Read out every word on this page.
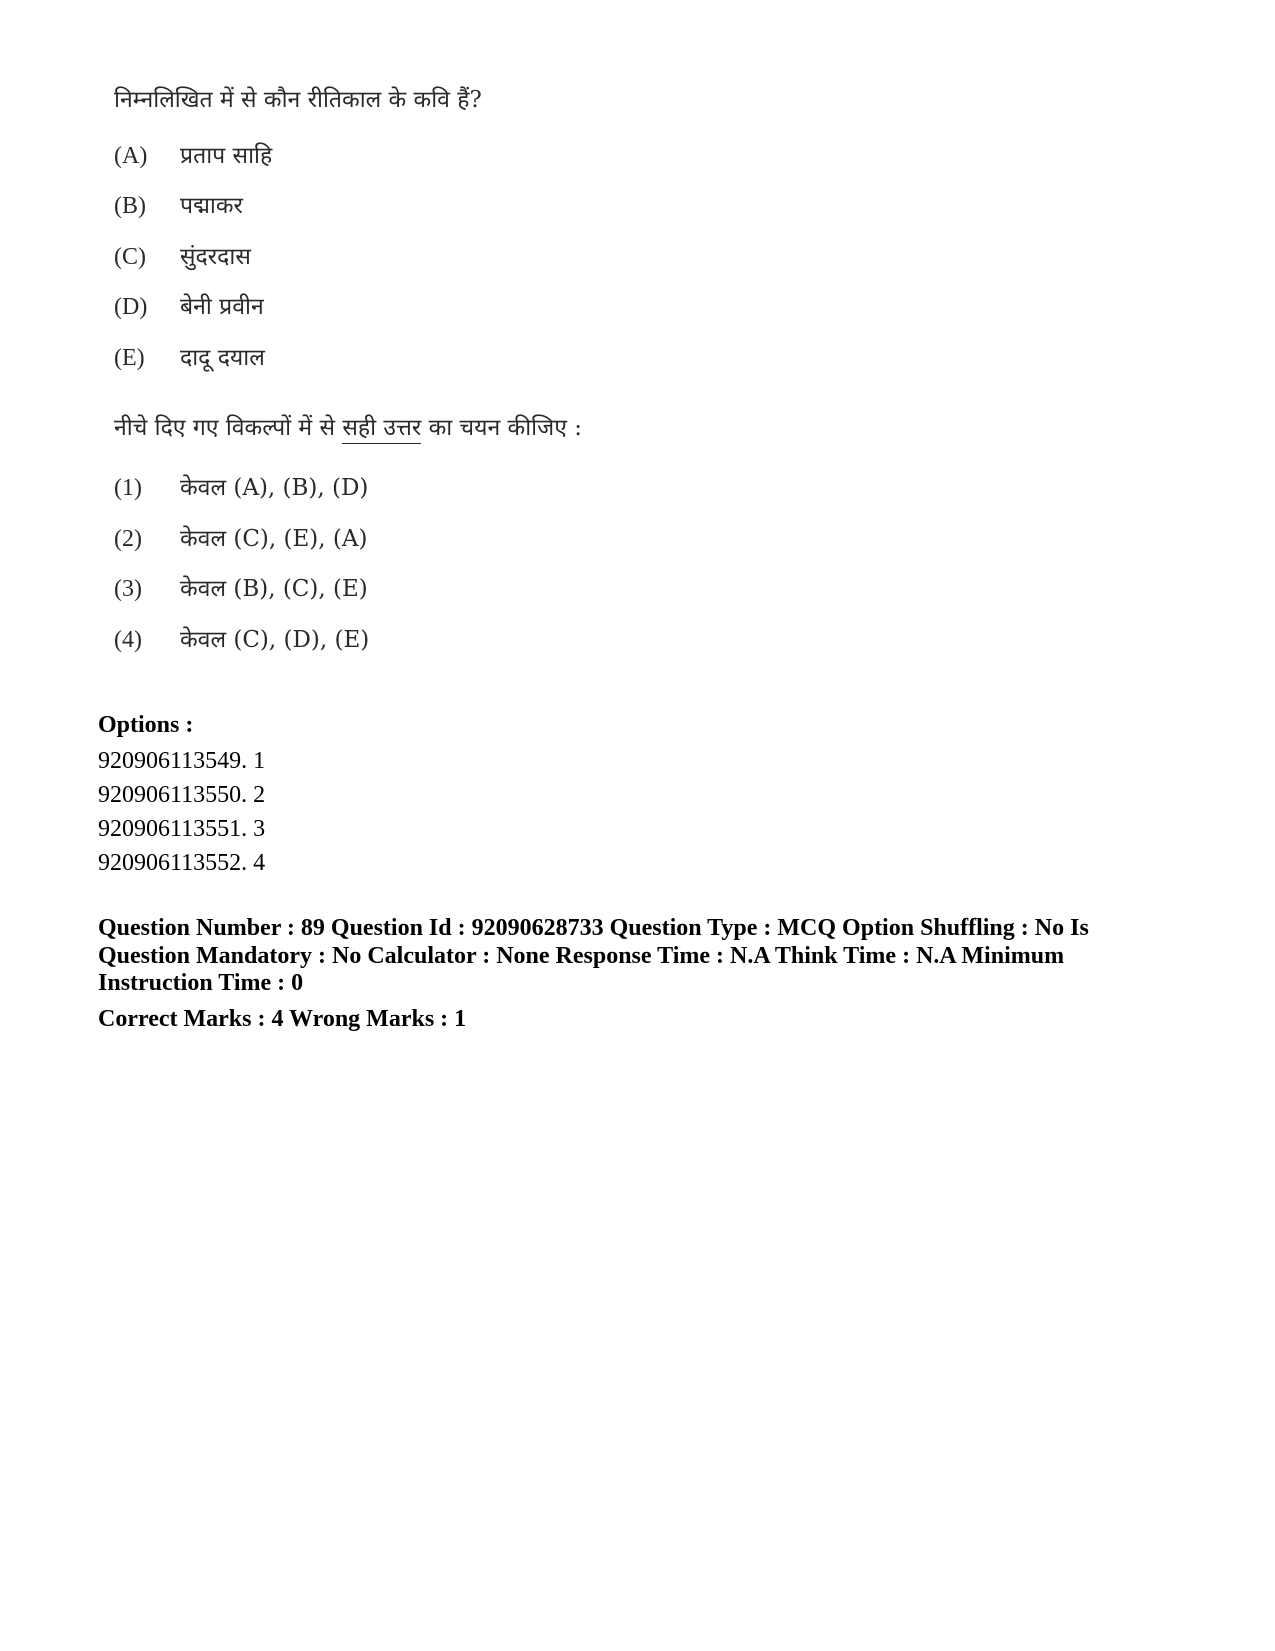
निम्नलिखित में से कौन रीतिकाल के कवि हैं?
(A) प्रताप साहि
(B) पद्माकर
(C) सुंदरदास
(D) बेनी प्रवीन
(E) दादू दयाल
नीचे दिए गए विकल्पों में से सही उत्तर का चयन कीजिए :
(1) केवल (A), (B), (D)
(2) केवल (C), (E), (A)
(3) केवल (B), (C), (E)
(4) केवल (C), (D), (E)
Options :
920906113549. 1
920906113550. 2
920906113551. 3
920906113552. 4
Question Number : 89 Question Id : 92090628733 Question Type : MCQ Option Shuffling : No Is Question Mandatory : No Calculator : None Response Time : N.A Think Time : N.A Minimum Instruction Time : 0
Correct Marks : 4 Wrong Marks : 1
